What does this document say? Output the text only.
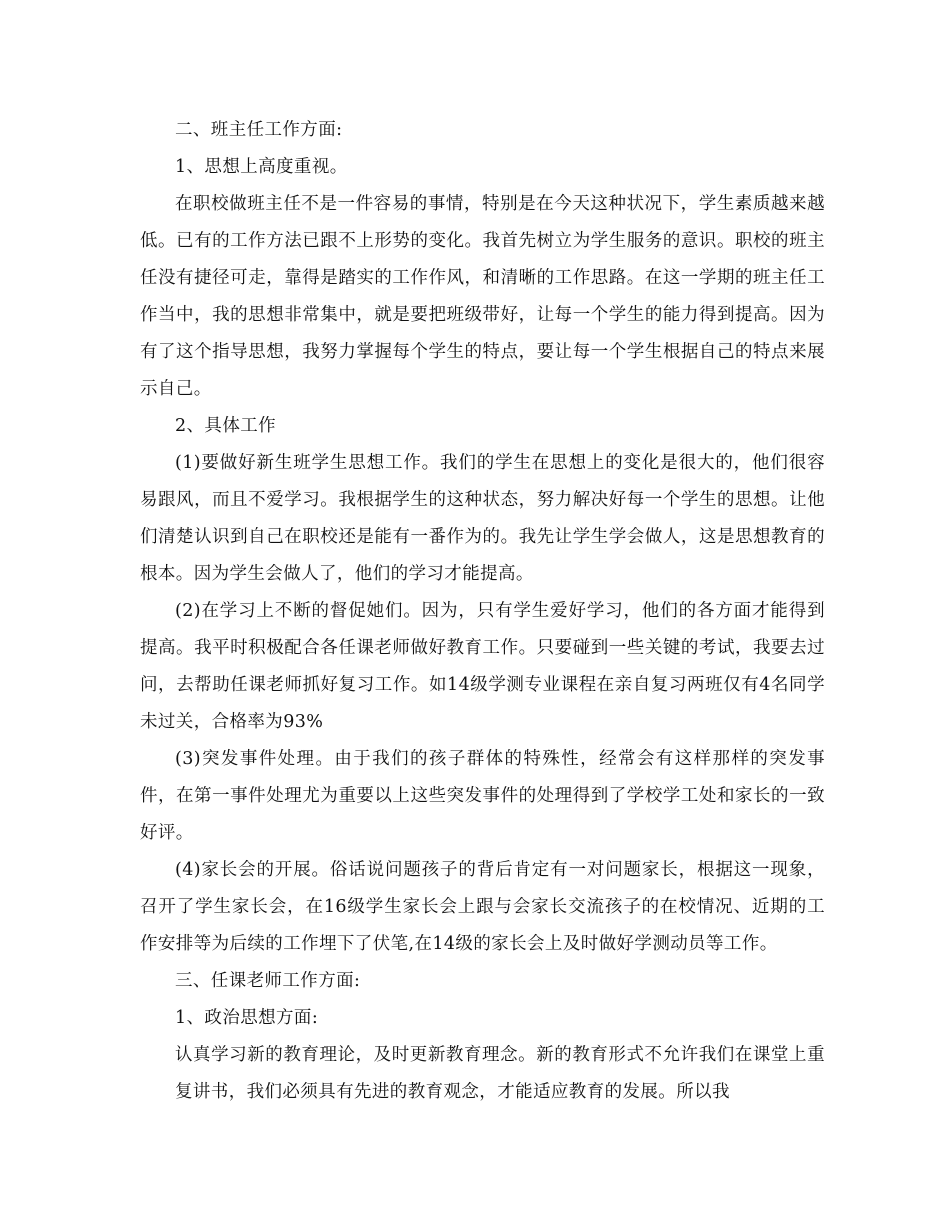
二、班主任工作方面:

1、思想上高度重视。

在职校做班主任不是一件容易的事情，特别是在今天这种状况下，学生素质越来越低。已有的工作方法已跟不上形势的变化。我首先树立为学生服务的意识。职校的班主任没有捷径可走，靠得是踏实的工作作风，和清晰的工作思路。在这一学期的班主任工作当中，我的思想非常集中，就是要把班级带好，让每一个学生的能力得到提高。因为有了这个指导思想，我努力掌握每个学生的特点，要让每一个学生根据自己的特点来展示自己。

2、具体工作

(1)要做好新生班学生思想工作。我们的学生在思想上的变化是很大的，他们很容易跟风，而且不爱学习。我根据学生的这种状态，努力解决好每一个学生的思想。让他们清楚认识到自己在职校还是能有一番作为的。我先让学生学会做人，这是思想教育的根本。因为学生会做人了，他们的学习才能提高。

(2)在学习上不断的督促她们。因为，只有学生爱好学习，他们的各方面才能得到提高。我平时积极配合各任课老师做好教育工作。只要碰到一些关键的考试，我要去过问，去帮助任课老师抓好复习工作。如14级学测专业课程在亲自复习两班仅有4名同学未过关，合格率为93%

(3)突发事件处理。由于我们的孩子群体的特殊性，经常会有这样那样的突发事件，在第一事件处理尤为重要以上这些突发事件的处理得到了学校学工处和家长的一致好评。

(4)家长会的开展。俗话说问题孩子的背后肯定有一对问题家长，根据这一现象，召开了学生家长会，在16级学生家长会上跟与会家长交流孩子的在校情况、近期的工作安排等为后续的工作埋下了伏笔,在14级的家长会上及时做好学测动员等工作。

三、任课老师工作方面:

1、政治思想方面:

认真学习新的教育理论，及时更新教育理念。新的教育形式不允许我们在课堂上重复讲书，我们必须具有先进的教育观念，才能适应教育的发展。所以我
